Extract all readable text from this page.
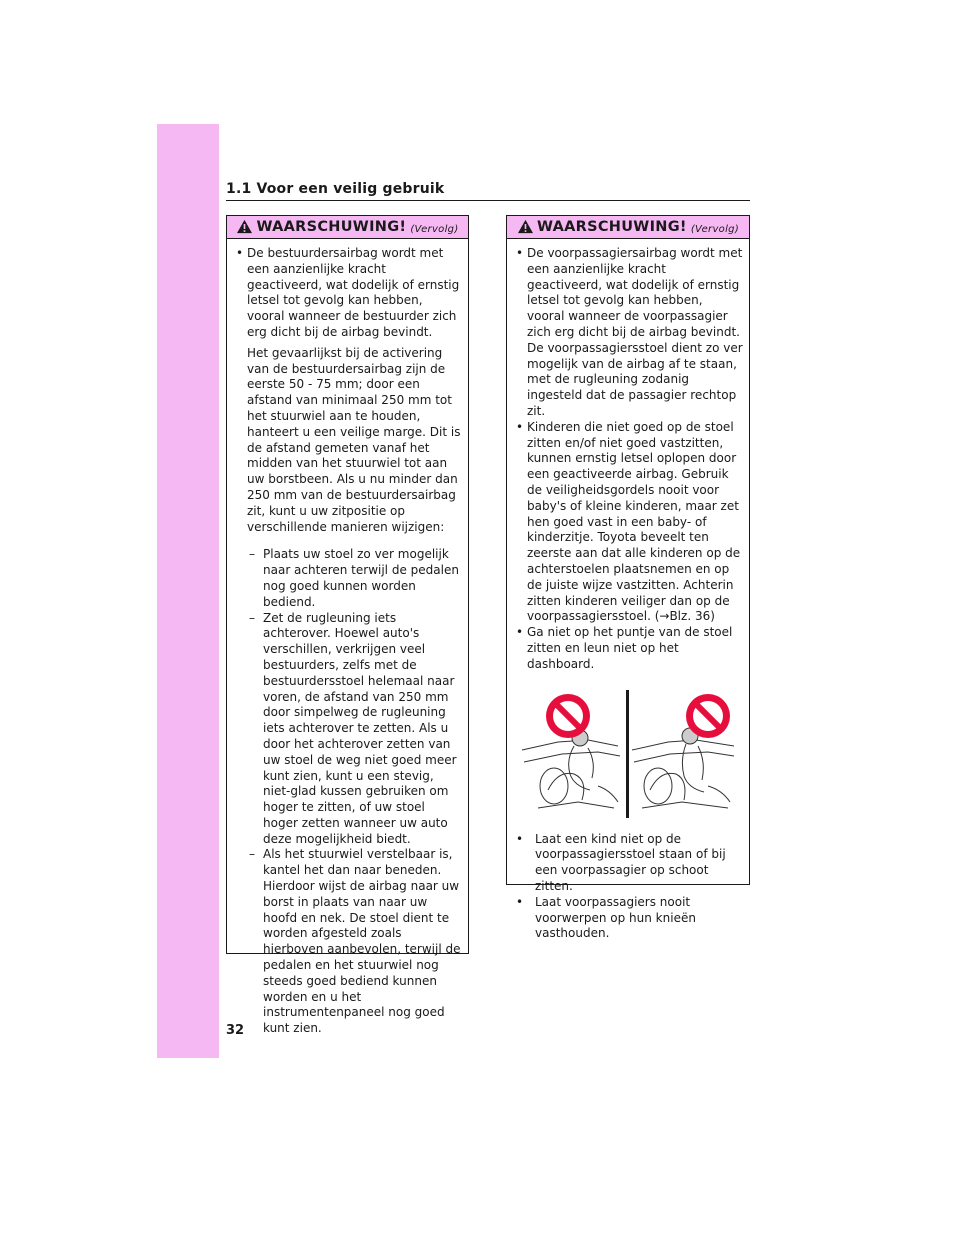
1.1 Voor een veilig gebruik
WAARSCHUWING! (Vervolg)

• De bestuurdersairbag wordt met een aanzienlijke kracht geactiveerd, wat dodelijk of ernstig letsel tot gevolg kan hebben, vooral wanneer de bestuurder zich erg dicht bij de airbag bevindt.

Het gevaarlijkst bij de activering van de bestuurdersairbag zijn de eerste 50 - 75 mm; door een afstand van minimaal 250 mm tot het stuurwiel aan te houden, hanteert u een veilige marge. Dit is de afstand gemeten vanaf het midden van het stuurwiel tot aan uw borstbeen. Als u nu minder dan 250 mm van de bestuurdersairbag zit, kunt u uw zitpositie op verschillende manieren wijzigen:

– Plaats uw stoel zo ver mogelijk naar achteren terwijl de pedalen nog goed kunnen worden bediend.

– Zet de rugleuning iets achterover. Hoewel auto's verschillen, verkrijgen veel bestuurders, zelfs met de bestuurdersstoel helemaal naar voren, de afstand van 250 mm door simpelweg de rugleuning iets achterover te zetten. Als u door het achterover zetten van uw stoel de weg niet goed meer kunt zien, kunt u een stevig, niet-glad kussen gebruiken om hoger te zitten, of uw stoel hoger zetten wanneer uw auto deze mogelijkheid biedt.

– Als het stuurwiel verstelbaar is, kantel het dan naar beneden. Hierdoor wijst de airbag naar uw borst in plaats van naar uw hoofd en nek. De stoel dient te worden afgesteld zoals hierboven aanbevolen, terwijl de pedalen en het stuurwiel nog steeds goed bediend kunnen worden en u het instrumentenpaneel nog goed kunt zien.

WAARSCHUWING! (Vervolg)

• De voorpassagiersairbag wordt met een aanzienlijke kracht geactiveerd, wat dodelijk of ernstig letsel tot gevolg kan hebben, vooral wanneer de voorpassagier zich erg dicht bij de airbag bevindt. De voorpassagiersstoel dient zo ver mogelijk van de airbag af te staan, met de rugleuning zodanig ingesteld dat de passagier rechtop zit.

• Kinderen die niet goed op de stoel zitten en/of niet goed vastzitten, kunnen ernstig letsel oplopen door een geactiveerde airbag. Gebruik de veiligheidsgordels nooit voor baby's of kleine kinderen, maar zet hen goed vast in een baby- of kinderzitje. Toyota beveelt ten zeerste aan dat alle kinderen op de achterstoelen plaatsnemen en op de juiste wijze vastzitten. Achterin zitten kinderen veiliger dan op de voorpassagiersstoel. (→Blz. 36)

• Ga niet op het puntje van de stoel zitten en leun niet op het dashboard.

• Laat een kind niet op de voorpassagiersstoel staan of bij een voorpassagier op schoot zitten.

• Laat voorpassagiers nooit voorwerpen op hun knieën vasthouden.

32
